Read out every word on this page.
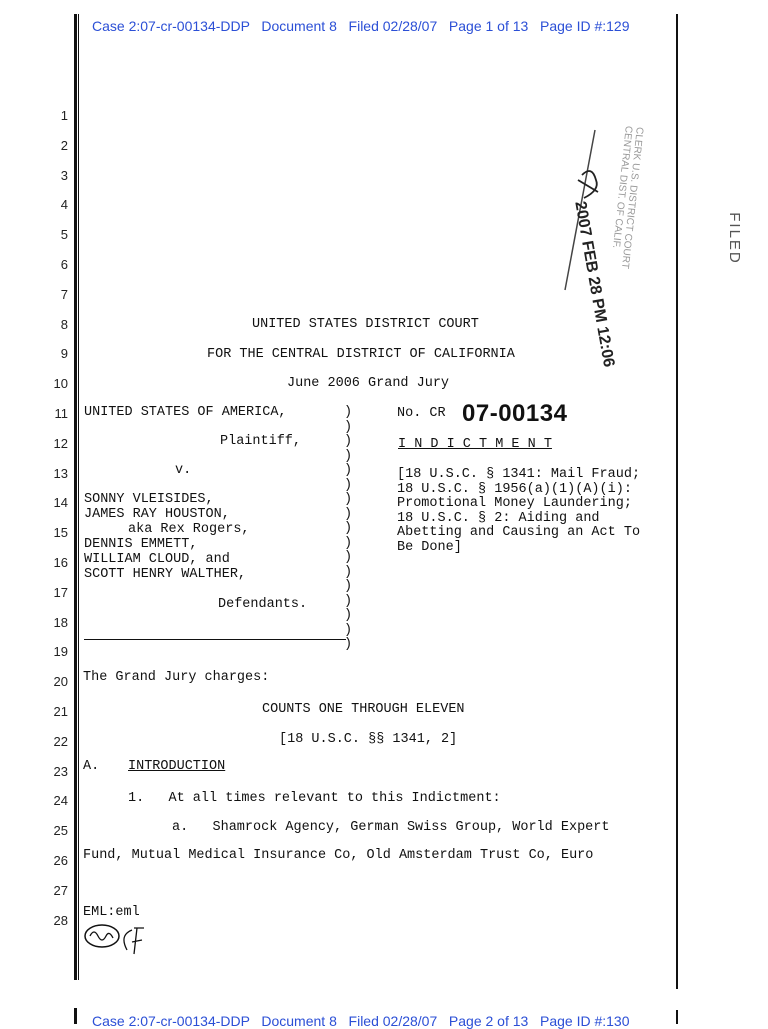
Case 2:07-cr-00134-DDP   Document 8   Filed 02/28/07   Page 1 of 13   Page ID #:129
Case 2:07-cr-00134-DDP   Document 8   Filed 02/28/07   Page 2 of 13   Page ID #:130
1
2
3
4
5
6
7
8
9
10
11
12
13
14
15
16
17
18
19
20
21
22
23
24
25
26
27
28
CLERK U.S. DISTRICT COURT CENTRAL DIST. OF CALIF.
2007 FEB 28 PM 12:06	FILED
UNITED STATES DISTRICT COURT
FOR THE CENTRAL DISTRICT OF CALIFORNIA
June 2006 Grand Jury
UNITED STATES OF AMERICA,
Plaintiff,
v.
SONNY VLEISIDES,
JAMES RAY HOUSTON,
aka Rex Rogers,
DENNIS EMMETT,
WILLIAM CLOUD, and
SCOTT HENRY WALTHER,
Defendants.
)
)
)
)
)
)
)
)
)
)
)
)
)
)
)
)
)
No. CR 07-00134
I N D I C T M E N T
[18 U.S.C. § 1341: Mail Fraud;
18 U.S.C. § 1956(a)(1)(A)(i):
Promotional Money Laundering;
18 U.S.C. § 2: Aiding and
Abetting and Causing an Act To
Be Done]
The Grand Jury charges:
COUNTS ONE THROUGH ELEVEN
[18 U.S.C. §§ 1341, 2]
A. INTRODUCTION
1.   At all times relevant to this Indictment:
a.   Shamrock Agency, German Swiss Group, World Expert
Fund, Mutual Medical Insurance Co, Old Amsterdam Trust Co, Euro
EML:eml
